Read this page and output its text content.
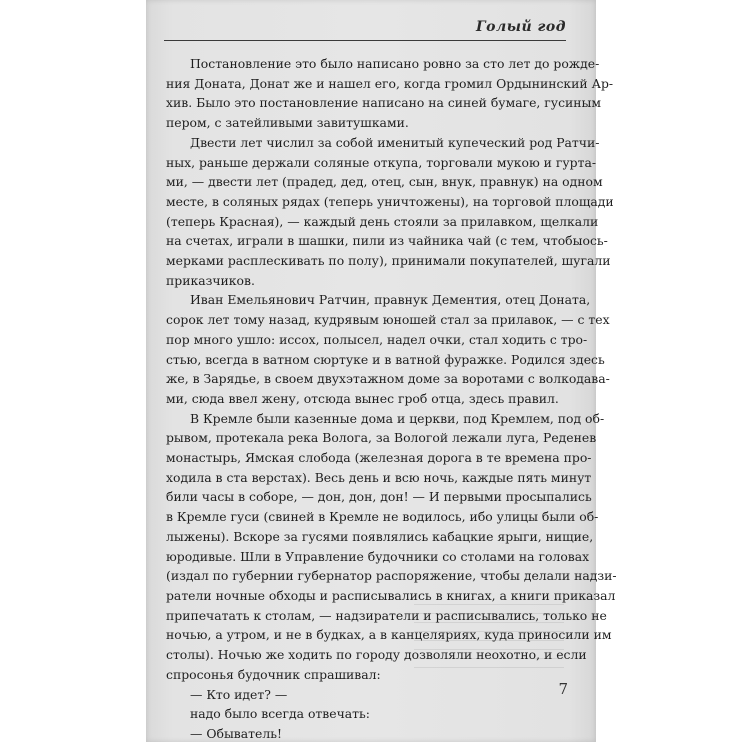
Голый год
Постановление это было написано ровно за сто лет до рожде-
ния Доната, Донат же и нашел его, когда громил Ордынинский Ар-
хив. Было это постановление написано на синей бумаге, гусиным
пером, с затейливыми завитушками.
Двести лет числил за собой именитый купеческий род Ратчи-
ных, раньше держали соляные откупа, торговали мукою и гурта-
ми, — двести лет (прадед, дед, отец, сын, внук, правнук) на одном
месте, в соляных рядах (теперь уничтожены), на торговой площади
(теперь Красная), — каждый день стояли за прилавком, щелкали
на счетах, играли в шашки, пили из чайника чай (с тем, чтобыось-
мерками расплескивать по полу), принимали покупателей, шугали
приказчиков.
Иван Емельянович Ратчин, правнук Дементия, отец Доната,
сорок лет тому назад, кудрявым юношей стал за прилавок, — с тех
пор много ушло: иссох, полысел, надел очки, стал ходить с тро-
стью, всегда в ватном сюртуке и в ватной фуражке. Родился здесь
же, в Зарядье, в своем двухэтажном доме за воротами с волкодава-
ми, сюда ввел жену, отсюда вынес гроб отца, здесь правил.
В Кремле были казенные дома и церкви, под Кремлем, под об-
рывом, протекала река Волога, за Вологой лежали луга, Реденев
монастырь, Ямская слобода (железная дорога в те времена про-
ходила в ста верстах). Весь день и всю ночь, каждые пять минут
били часы в соборе, — дон, дон, дон! — И первыми просыпались
в Кремле гуси (свиней в Кремле не водилось, ибо улицы были об-
лыжены). Вскоре за гусями появлялись кабацкие ярыги, нищие,
юродивые. Шли в Управление будочники со столами на головах
(издал по губернии губернатор распоряжение, чтобы делали надзи-
ратели ночные обходы и расписывались в книгах, а книги приказал
припечатать к столам, — надзиратели и расписывались, только не
ночью, а утром, и не в будках, а в канцеляриях, куда приносили им
столы). Ночью же ходить по городу дозволяли неохотно, и если
спросонья будочник спрашивал:
— Кто идет? —
надо было всегда отвечать:
— Обыватель!
7
